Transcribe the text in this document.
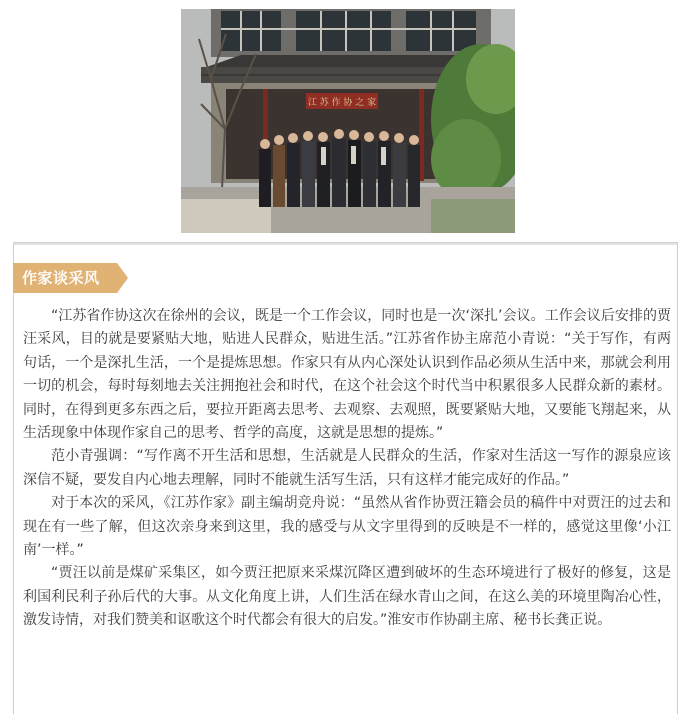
江 苏 作 协 之 家
作家谈采风

“江苏省作协这次在徐州的会议，既是一个工作会议，同时也是一次‘深扎’会议。工作会议后安排的贾汪采风，目的就是要紧贴大地，贴进人民群众，贴进生活。”江苏省作协主席范小青说：“关于写作，有两句话，一个是深扎生活，一个是提炼思想。作家只有从内心深处认识到作品必须从生活中来，那就会利用一切的机会，每时每刻地去关注拥抱社会和时代，在这个社会这个时代当中积累很多人民群众新的素材。同时，在得到更多东西之后，要拉开距离去思考、去观察、去观照，既要紧贴大地，又要能飞翔起来，从生活现象中体现作家自己的思考、哲学的高度，这就是思想的提炼。”

范小青强调：“写作离不开生活和思想，生活就是人民群众的生活，作家对生活这一写作的源泉应该深信不疑，要发自内心地去理解，同时不能就生活写生活，只有这样才能完成好的作品。”

对于本次的采风，《江苏作家》副主编胡竞舟说：“虽然从省作协贾汪籍会员的稿件中对贾汪的过去和现在有一些了解，但这次亲身来到这里，我的感受与从文字里得到的反映是不一样的，感觉这里像‘小江南’一样。”

“贾汪以前是煤矿采集区，如今贾汪把原来采煤沉降区遭到破坏的生态环境进行了极好的修复，这是利国利民利子孙后代的大事。从文化角度上讲，人们生活在绿水青山之间，在这么美的环境里陶冶心性，激发诗情，对我们赞美和讴歌这个时代都会有很大的启发。”淮安市作协副主席、秘书长龚正说。
